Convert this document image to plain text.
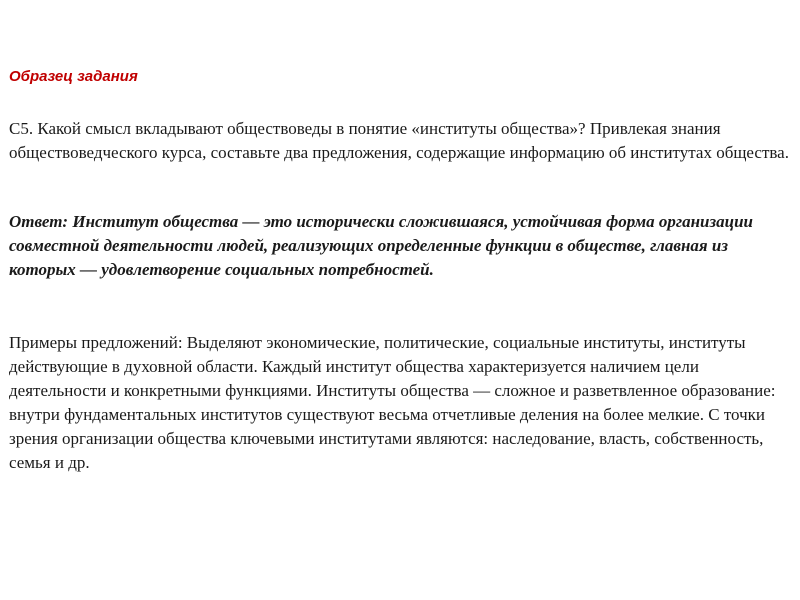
Образец задания

С5. Какой смысл вкладывают обществоведы в понятие «институты общества»? Привлекая знания обществоведческого курса, составьте два предложения, содержащие информацию об институтах общества.

Ответ: Институт общества — это исторически сложившаяся, устойчивая форма организации совместной деятельности людей, реализующих определенные функции в обществе, главная из которых — удовлетворение социальных потребностей.

Примеры предложений: Выделяют экономические, политические, социальные институты, институты действующие в духовной области. Каждый институт общества характеризуется наличием цели деятельности и конкретными функциями. Институты общества — сложное и разветвленное образование: внутри фундаментальных институтов существуют весьма отчетливые деления на более мелкие. С точки зрения организации общества ключевыми институтами являются: наследование, власть, собственность, семья и др.
